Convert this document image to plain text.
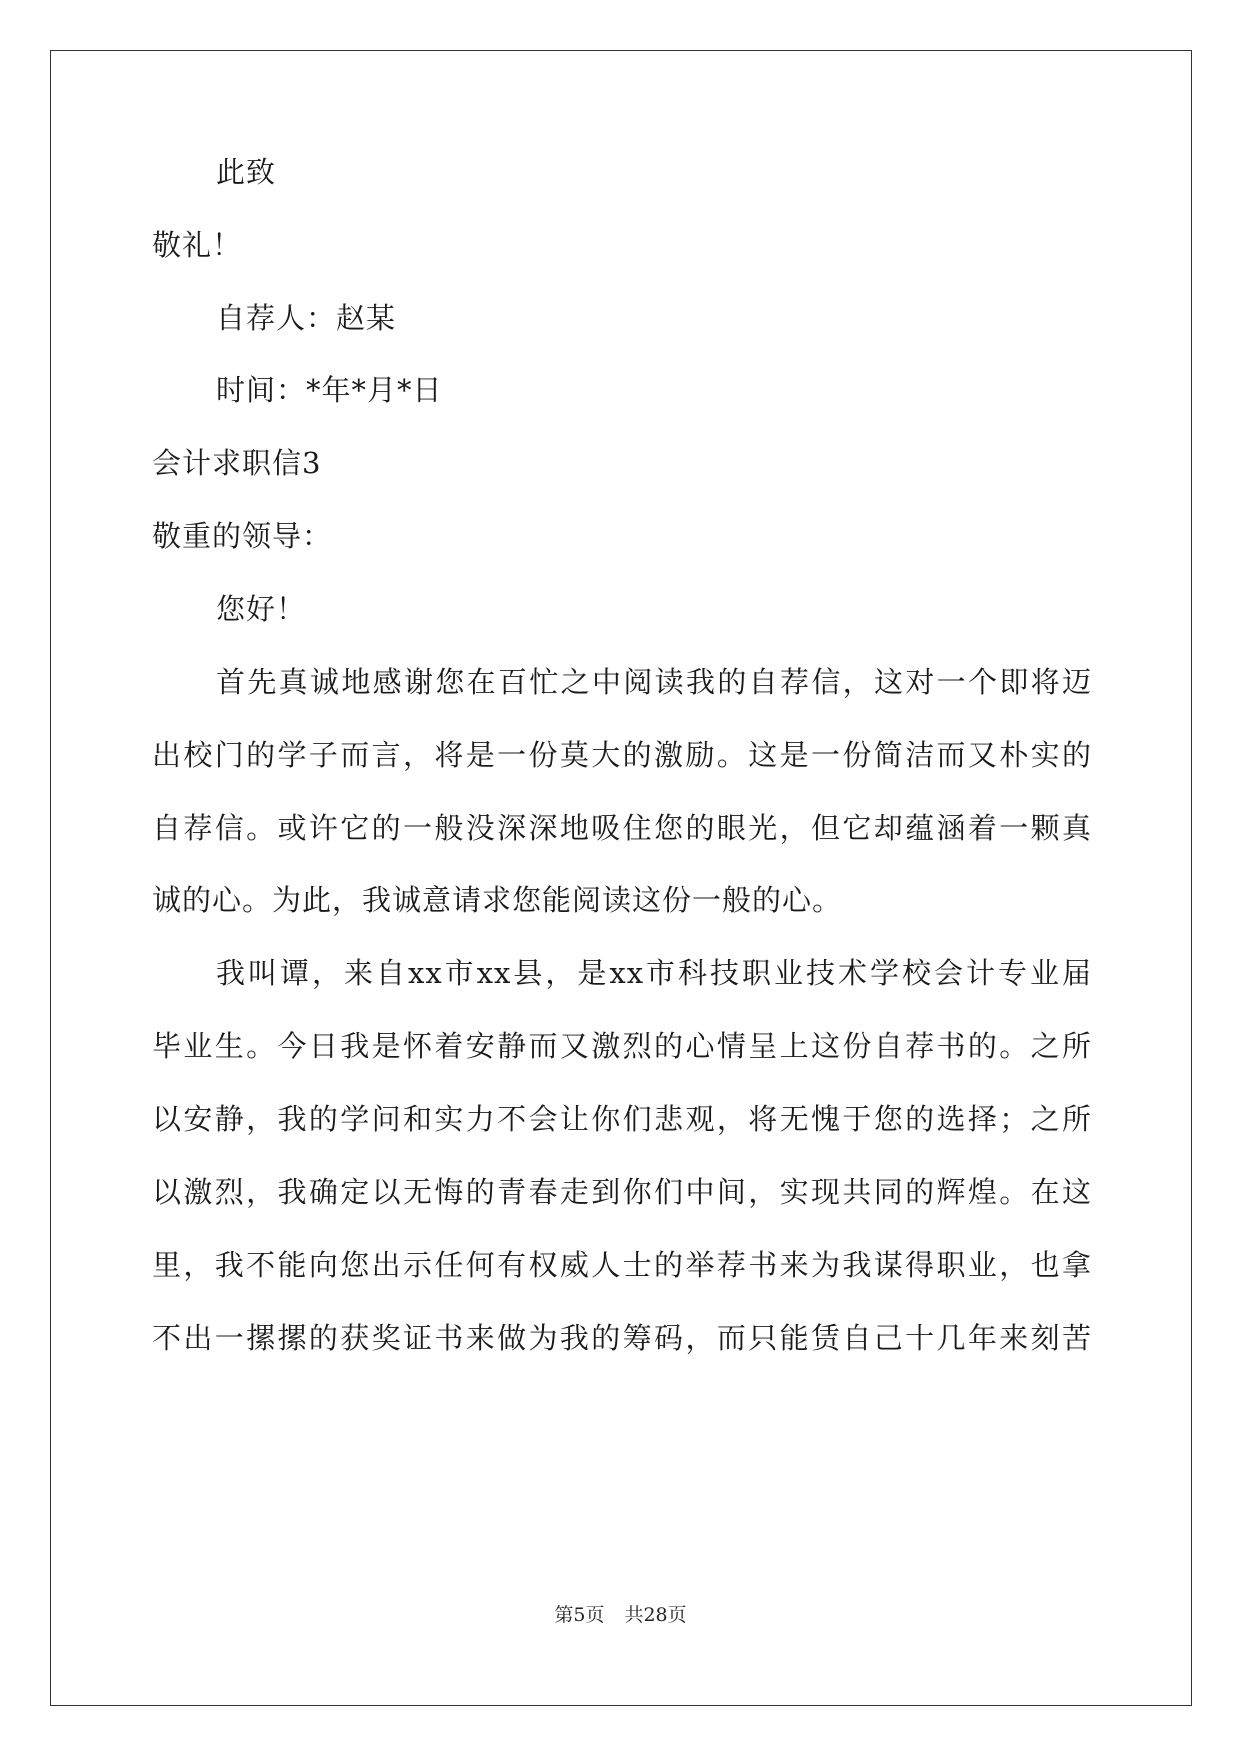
此致
敬礼！
自荐人：赵某
时间：*年*月*日
会计求职信3
敬重的领导：
您好！
首先真诚地感谢您在百忙之中阅读我的自荐信，这对一个即将迈
出校门的学子而言，将是一份莫大的激励。这是一份简洁而又朴实的
自荐信。或许它的一般没深深地吸住您的眼光，但它却蕴涵着一颗真
诚的心。为此，我诚意请求您能阅读这份一般的心。
我叫谭，来自xx市xx县，是xx市科技职业技术学校会计专业届
毕业生。今日我是怀着安静而又激烈的心情呈上这份自荐书的。之所
以安静，我的学问和实力不会让你们悲观，将无愧于您的选择；之所
以激烈，我确定以无悔的青春走到你们中间，实现共同的辉煌。在这
里，我不能向您出示任何有权威人士的举荐书来为我谋得职业，也拿
不出一摞摞的获奖证书来做为我的筹码，而只能赁自己十几年来刻苦
第5页 共28页
